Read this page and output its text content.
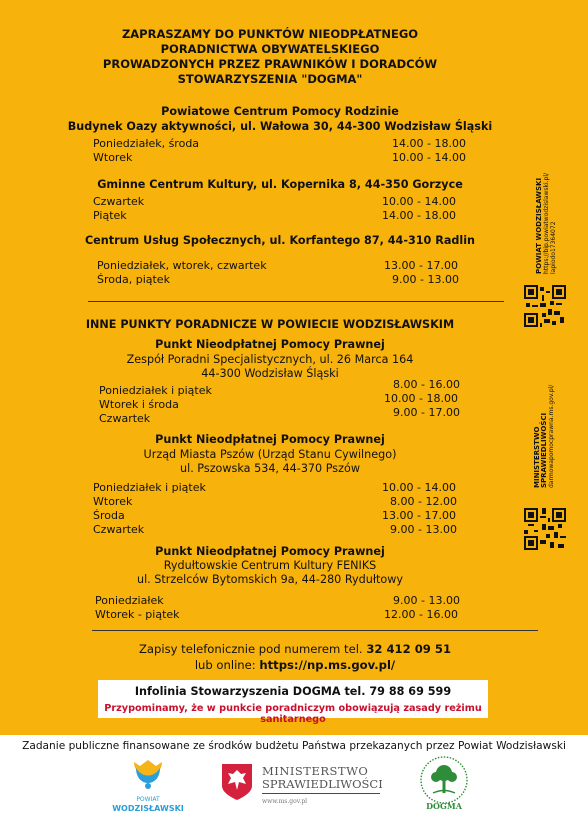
ZAPRASZAMY DO PUNKTÓW NIEODPŁATNEGO
PORADNICTWA OBYWATELSKIEGO
PROWADZONYCH PRZEZ PRAWNIKÓW I DORADCÓW
STOWARZYSZENIA "DOGMA"
Powiatowe Centrum Pomocy Rodzinie
Budynek Oazy aktywności, ul. Wałowa 30, 44-300 Wodzisław Śląski
Poniedziałek, środa	14.00 - 18.00
Wtorek	10.00 - 14.00
Gminne Centrum Kultury, ul. Kopernika 8, 44-350 Gorzyce
Czwartek	10.00 - 14.00
Piątek	14.00 - 18.00
Centrum Usług Społecznych, ul. Korfantego 87, 44-310 Radlin
Poniedziałek, wtorek, czwartek	13.00 - 17.00
Środa, piątek	9.00 - 13.00
INNE PUNKTY PORADNICZE W POWIECIE WODZISŁAWSKIM
Punkt Nieodpłatnej Pomocy Prawnej
Zespół Poradni Specjalistycznych, ul. 26 Marca 164
44-300 Wodzisław Śląski
Poniedziałek i piątek	8.00 - 16.00
Wtorek i środa	10.00 - 18.00
Czwartek	9.00 - 17.00
Punkt Nieodpłatnej Pomocy Prawnej
Urząd Miasta Pszów (Urząd Stanu Cywilnego)
ul. Pszowska 534, 44-370 Pszów
Poniedziałek i piątek	10.00 - 14.00
Wtorek	8.00 - 12.00
Środa	13.00 - 17.00
Czwartek	9.00 - 13.00
Punkt Nieodpłatnej Pomocy Prawnej
Rydułtowskie Centrum Kultury FENIKS
ul. Strzelców Bytomskich 9a, 44-280 Rydułtowy
Poniedziałek	9.00 - 13.00
Wtorek - piątek	12.00 - 16.00
Zapisy telefonicznie pod numerem tel. 32 412 09 51
lub online: https://np.ms.gov.pl/
Infolinia Stowarzyszenia DOGMA tel. 79 88 69 599
Przypominamy, że w punkcie poradniczym obowiązują zasady reżimu sanitarnego
POWIAT WODZISŁAWSKI https://bip.powiatwodzislawski.pl/ lapiodo17364072
MINISTERSTWO SPRAWIEDLIWOŚCI darmowapomocprawna.ms.gov.pl/
Zadanie publiczne finansowane ze środków budżetu Państwa przekazanych przez Powiat Wodzisławski
POWIAT
WODZISŁAWSKI
MINISTERSTWO
SPRAWIEDLIWOŚCI
www.ms.gov.pl	DOGMA
